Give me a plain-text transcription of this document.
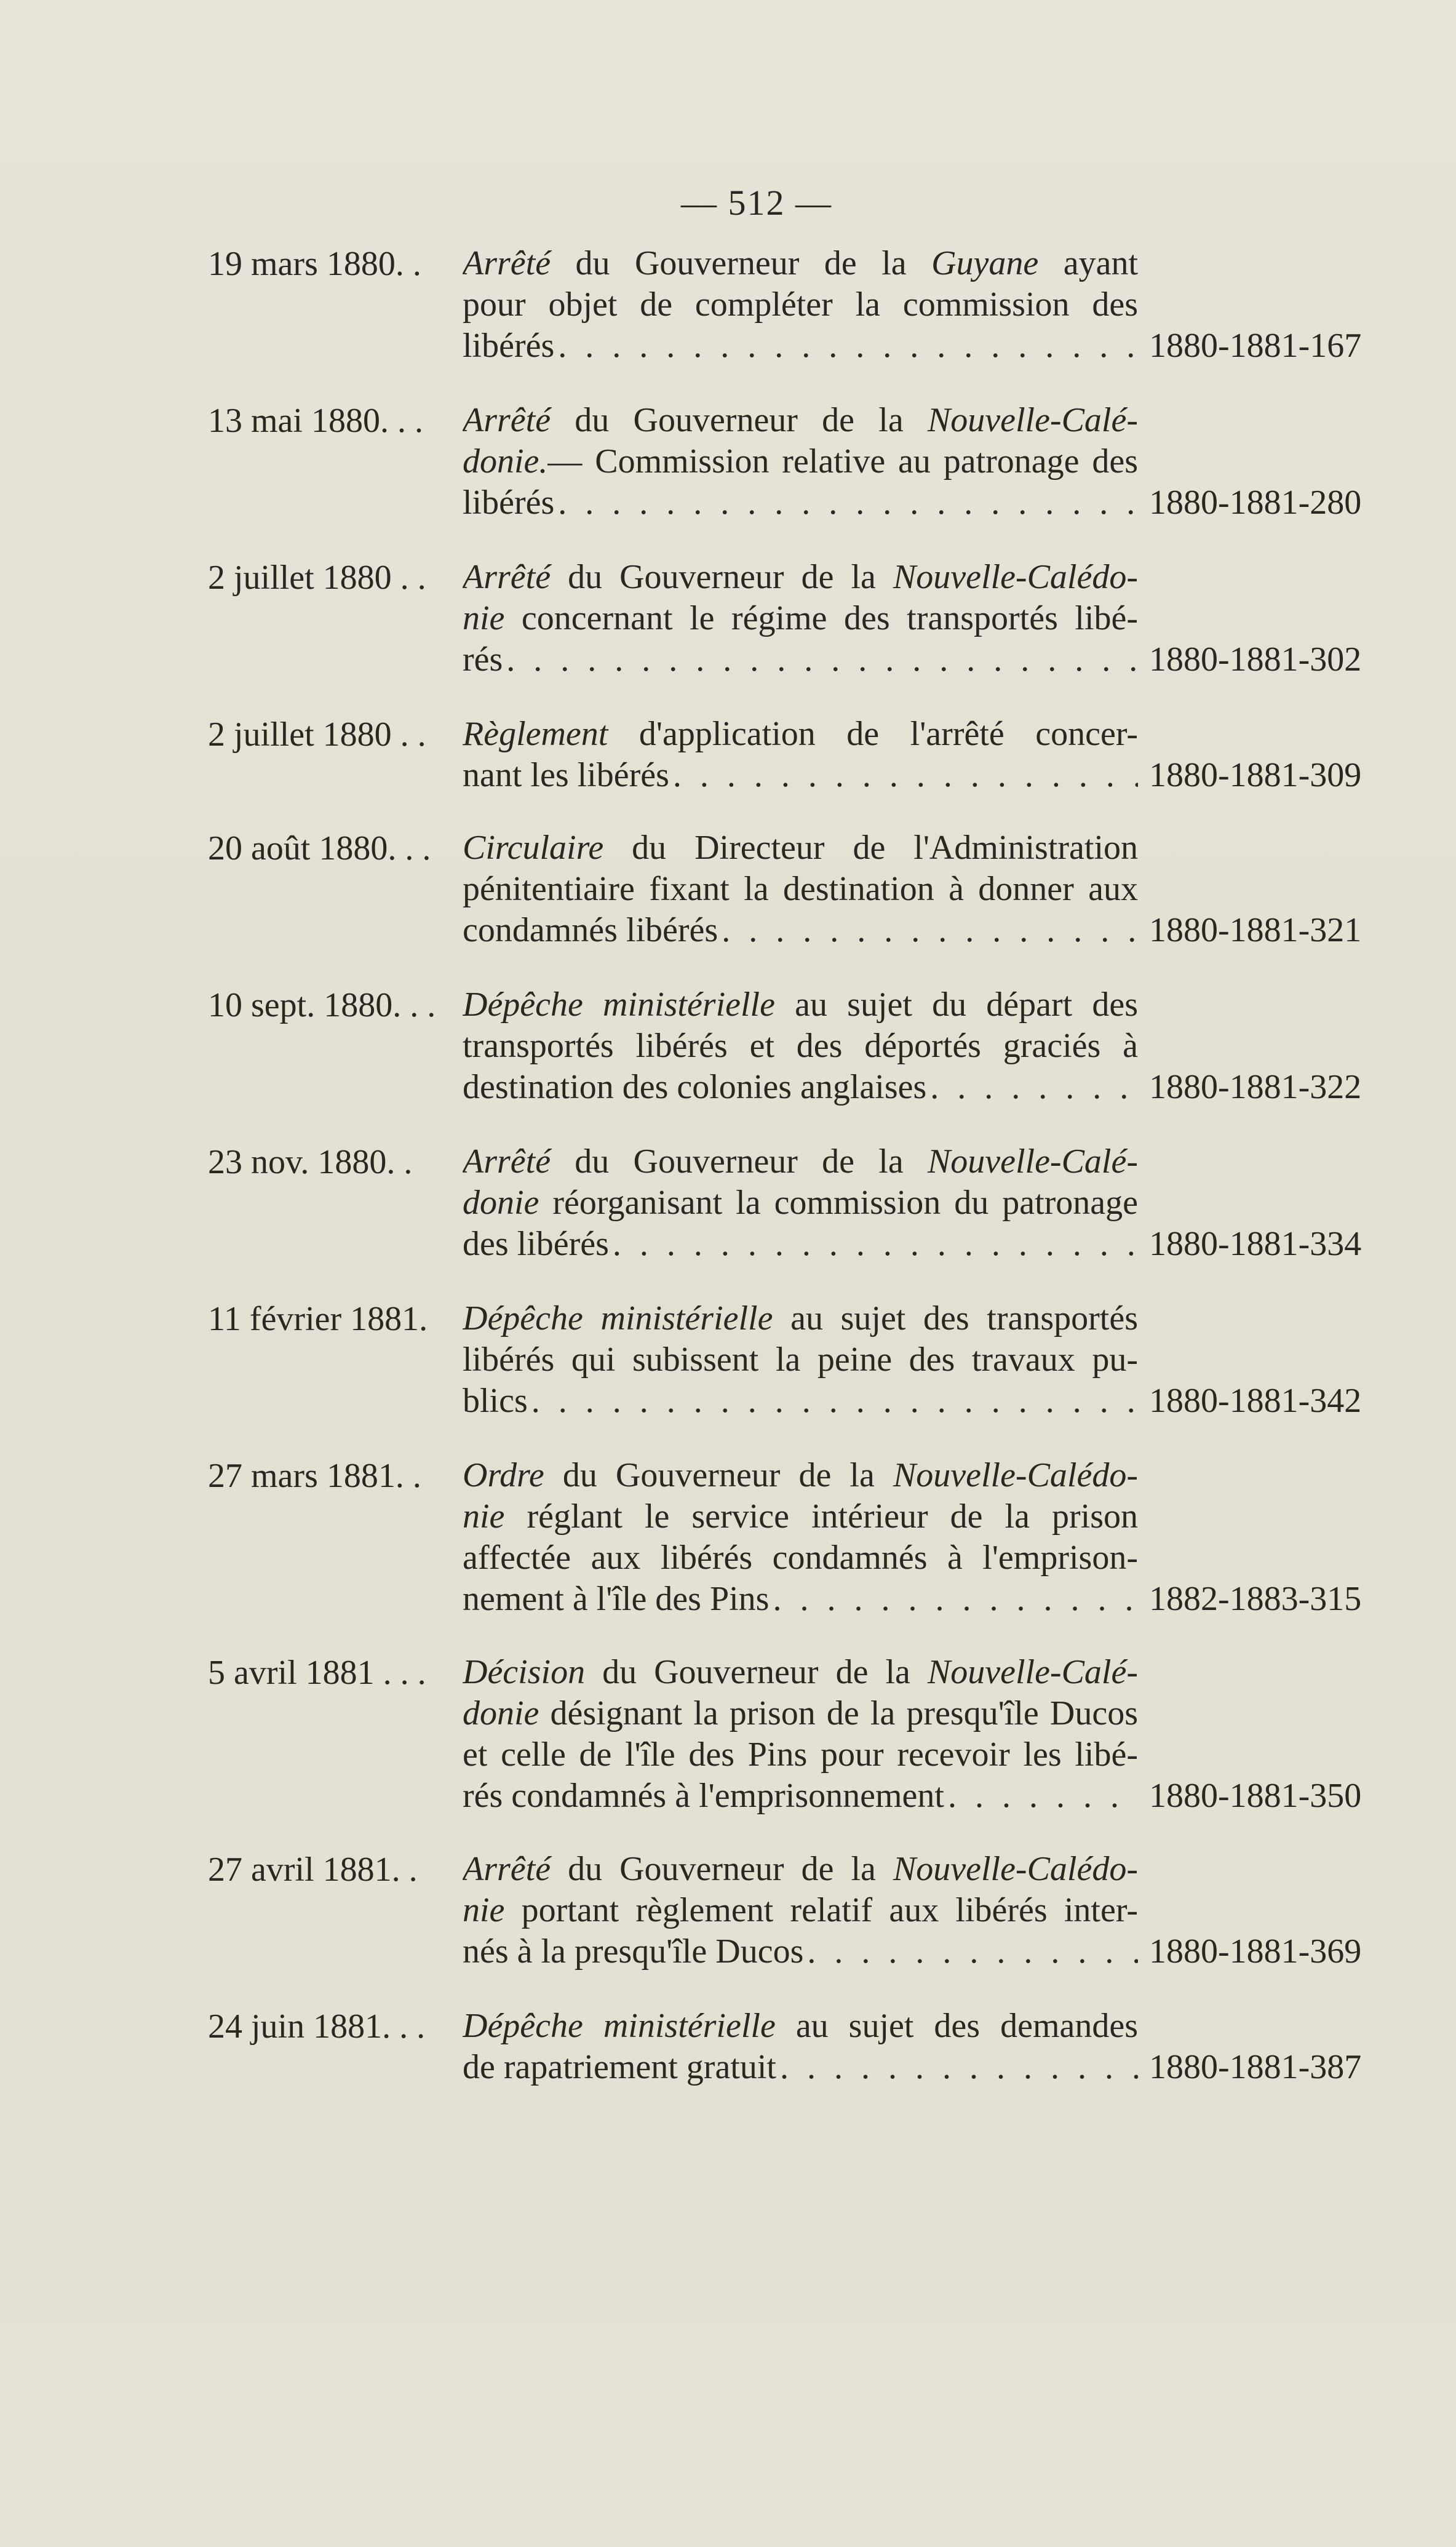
— 512 —
19 mars 1880. . Arrêté du Gouverneur de la Guyane ayant
pour objet de compléter la commission des
libérés . . .	1880-1881-167
13 mai 1880. . . Arrêté du Gouverneur de la Nouvelle-Calé-
donie.— Commission relative au patronage des
libérés . . .	1880-1881-280
2 juillet 1880 . . Arrêté du Gouverneur de la Nouvelle-Calédo-
nie concernant le régime des transportés libé-
rés . . .	1880-1881-302
2 juillet 1880 . . Règlement d'application de l'arrêté concer-
nant les libérés . . .	1880-1881-309
20 août 1880. . . Circulaire du Directeur de l'Administration
pénitentiaire fixant la destination à donner aux
condamnés libérés . . .	1880-1881-321
10 sept. 1880. . . Dépêche ministérielle au sujet du départ des
transportés libérés et des déportés graciés à
destination des colonies anglaises . . .	1880-1881-322
23 nov. 1880. . Arrêté du Gouverneur de la Nouvelle-Calé-
donie réorganisant la commission du patronage
des libérés . . .	1880-1881-334
11 février 1881. Dépêche ministérielle au sujet des transportés
libérés qui subissent la peine des travaux pu-
blics . . .	1880-1881-342
27 mars 1881. . Ordre du Gouverneur de la Nouvelle-Calédo-
nie réglant le service intérieur de la prison
affectée aux libérés condamnés à l'emprison-
nement à l'île des Pins . . .	1882-1883-315
5 avril 1881 . . . Décision du Gouverneur de la Nouvelle-Calé-
donie désignant la prison de la presqu'île Ducos
et celle de l'île des Pins pour recevoir les libé-
rés condamnés à l'emprisonnement . . .	1880-1881-350
27 avril 1881. . Arrêté du Gouverneur de la Nouvelle-Calédo-
nie portant règlement relatif aux libérés inter-
nés à la presqu'île Ducos . . .	1880-1881-369
24 juin 1881. . . Dépêche ministérielle au sujet des demandes
de rapatriement gratuit . . .	1880-1881-387
